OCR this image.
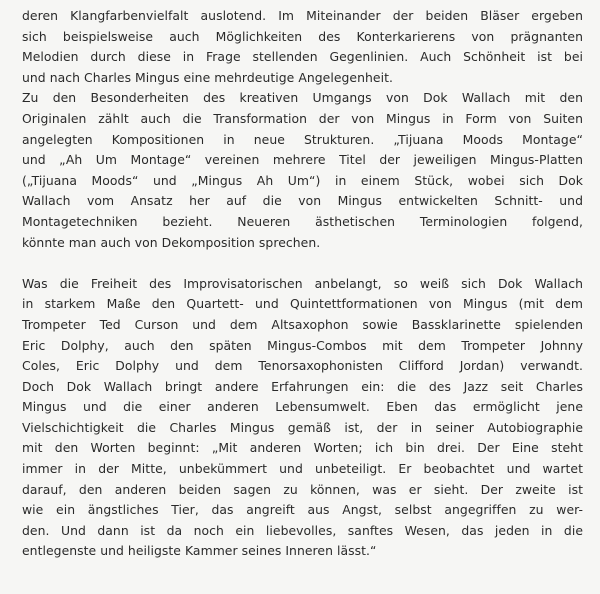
deren Klangfarbenvielfalt auslotend. Im Miteinander der beiden Bläser ergeben
sich beispielsweise auch Möglichkeiten des Konterkarierens von prägnanten
Melodien durch diese in Frage stellenden Gegenlinien. Auch Schönheit ist bei
und nach Charles Mingus eine mehrdeutige Angelegenheit.
Zu den Besonderheiten des kreativen Umgangs von Dok Wallach mit den
Originalen zählt auch die Transformation der von Mingus in Form von Suiten
angelegten Kompositionen in neue Strukturen. „Tijuana Moods Montage“
und „Ah Um Montage“ vereinen mehrere Titel der jeweiligen Mingus-Platten
(„Tijuana Moods“ und „Mingus Ah Um“) in einem Stück, wobei sich Dok
Wallach vom Ansatz her auf die von Mingus entwickelten Schnitt- und
Montagetechniken bezieht. Neueren ästhetischen Terminologien folgend,
könnte man auch von Dekomposition sprechen.
Was die Freiheit des Improvisatorischen anbelangt, so weiß sich Dok Wallach
in starkem Maße den Quartett- und Quintettformationen von Mingus (mit dem
Trompeter Ted Curson und dem Altsaxophon sowie Bassklarinette spielenden
Eric Dolphy, auch den späten Mingus-Combos mit dem Trompeter Johnny
Coles, Eric Dolphy und dem Tenorsaxophonisten Clifford Jordan) verwandt.
Doch Dok Wallach bringt andere Erfahrungen ein: die des Jazz seit Charles
Mingus und die einer anderen Lebensumwelt. Eben das ermöglicht jene
Vielschichtigkeit die Charles Mingus gemäß ist, der in seiner Autobiographie
mit den Worten beginnt: „Mit anderen Worten; ich bin drei. Der Eine steht
immer in der Mitte, unbekümmert und unbeteiligt. Er beobachtet und wartet
darauf, den anderen beiden sagen zu können, was er sieht. Der zweite ist
wie ein ängstliches Tier, das angreift aus Angst, selbst angegriffen zu wer-
den. Und dann ist da noch ein liebevolles, sanftes Wesen, das jeden in die
entlegenste und heiligste Kammer seines Inneren lässt.“
